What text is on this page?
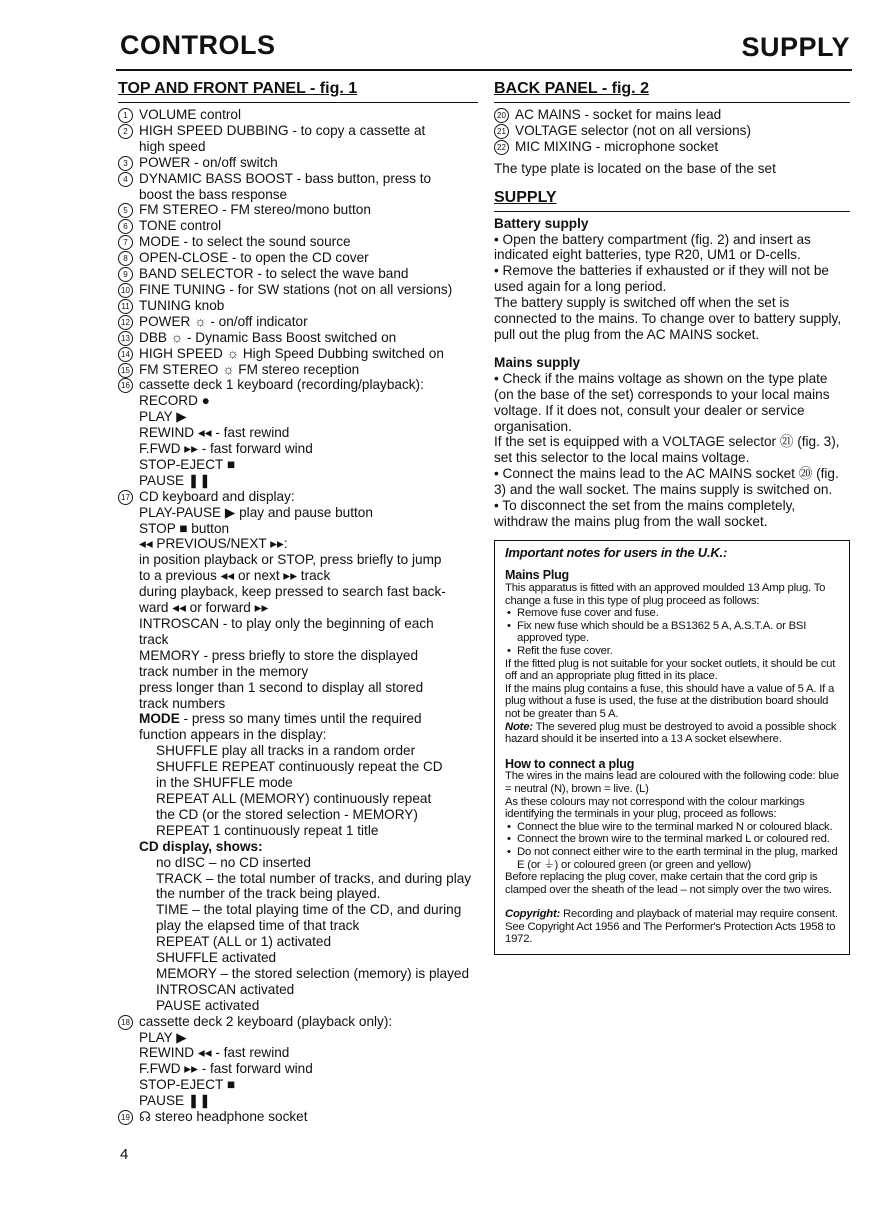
CONTROLS	SUPPLY
TOP AND FRONT PANEL - fig. 1
1 VOLUME control
2 HIGH SPEED DUBBING - to copy a cassette at
high speed
3 POWER - on/off switch
4 DYNAMIC BASS BOOST - bass button, press to
boost the bass response
5 FM STEREO - FM stereo/mono button
6 TONE control
7 MODE - to select the sound source
8 OPEN-CLOSE - to open the CD cover
9 BAND SELECTOR - to select the wave band
10 FINE TUNING - for SW stations (not on all versions)
11 TUNING knob
12 POWER ☼ - on/off indicator
13 DBB ☼ - Dynamic Bass Boost switched on
14 HIGH SPEED ☼ High Speed Dubbing switched on
15 FM STEREO ☼ FM stereo reception
16 cassette deck 1 keyboard (recording/playback):
RECORD ●
PLAY ▶
REWIND ◂◂ - fast rewind
F.FWD ▸▸ - fast forward wind
STOP-EJECT ■
PAUSE ❚❚
17 CD keyboard and display:
PLAY-PAUSE ▶ play and pause button
STOP ■ button
◂◂ PREVIOUS/NEXT ▸▸:
in position playback or STOP, press briefly to jump
to a previous ◂◂ or next ▸▸ track
during playback, keep pressed to search fast back-
ward ◂◂ or forward ▸▸
INTROSCAN - to play only the beginning of each
track
MEMORY - press briefly to store the displayed
track number in the memory
press longer than 1 second to display all stored
track numbers
MODE - press so many times until the required
function appears in the display:
SHUFFLE play all tracks in a random order
SHUFFLE REPEAT continuously repeat the CD
in the SHUFFLE mode
REPEAT ALL (MEMORY) continuously repeat
the CD (or the stored selection - MEMORY)
REPEAT 1 continuously repeat 1 title
CD display, shows:
no dISC – no CD inserted
TRACK – the total number of tracks, and during play
the number of the track being played.
TIME – the total playing time of the CD, and during
play the elapsed time of that track
REPEAT (ALL or 1) activated
SHUFFLE activated
MEMORY – the stored selection (memory) is played
INTROSCAN activated
PAUSE activated
18 cassette deck 2 keyboard (playback only):
PLAY ▶
REWIND ◂◂ - fast rewind
F.FWD ▸▸ - fast forward wind
STOP-EJECT ■
PAUSE ❚❚
19 ☊ stereo headphone socket
BACK PANEL - fig. 2
20 AC MAINS - socket for mains lead
21 VOLTAGE selector (not on all versions)
22 MIC MIXING - microphone socket
The type plate is located on the base of the set
SUPPLY
Battery supply
• Open the battery compartment (fig. 2) and insert as indicated eight batteries, type R20, UM1 or D-cells.
• Remove the batteries if exhausted or if they will not be used again for a long period.
The battery supply is switched off when the set is connected to the mains. To change over to battery supply, pull out the plug from the AC MAINS socket.
Mains supply
• Check if the mains voltage as shown on the type plate (on the base of the set) corresponds to your local mains voltage. If it does not, consult your dealer or service organisation.
If the set is equipped with a VOLTAGE selector ㉑ (fig. 3), set this selector to the local mains voltage.
• Connect the mains lead to the AC MAINS socket ⑳ (fig. 3) and the wall socket. The mains supply is switched on.
• To disconnect the set from the mains completely, withdraw the mains plug from the wall socket.
Important notes for users in the U.K.:
Mains Plug
This apparatus is fitted with an approved moulded 13 Amp plug. To change a fuse in this type of plug proceed as follows:
• Remove fuse cover and fuse.
• Fix new fuse which should be a BS1362 5 A, A.S.T.A. or BSI approved type.
• Refit the fuse cover.
If the fitted plug is not suitable for your socket outlets, it should be cut off and an appropriate plug fitted in its place.
If the mains plug contains a fuse, this should have a value of 5 A. If a plug without a fuse is used, the fuse at the distribution board should not be greater than 5 A.
Note: The severed plug must be destroyed to avoid a possible shock hazard should it be inserted into a 13 A socket elsewhere.
How to connect a plug
The wires in the mains lead are coloured with the following code: blue = neutral (N), brown = live. (L)
As these colours may not correspond with the colour markings identifying the terminals in your plug, proceed as follows:
• Connect the blue wire to the terminal marked N or coloured black.
• Connect the brown wire to the terminal marked L or coloured red.
• Do not connect either wire to the earth terminal in the plug, marked E (or ⏚) or coloured green (or green and yellow)
Before replacing the plug cover, make certain that the cord grip is clamped over the sheath of the lead – not simply over the two wires.
Copyright: Recording and playback of material may require consent. See Copyright Act 1956 and The Performer's Protection Acts 1958 to 1972.
4
